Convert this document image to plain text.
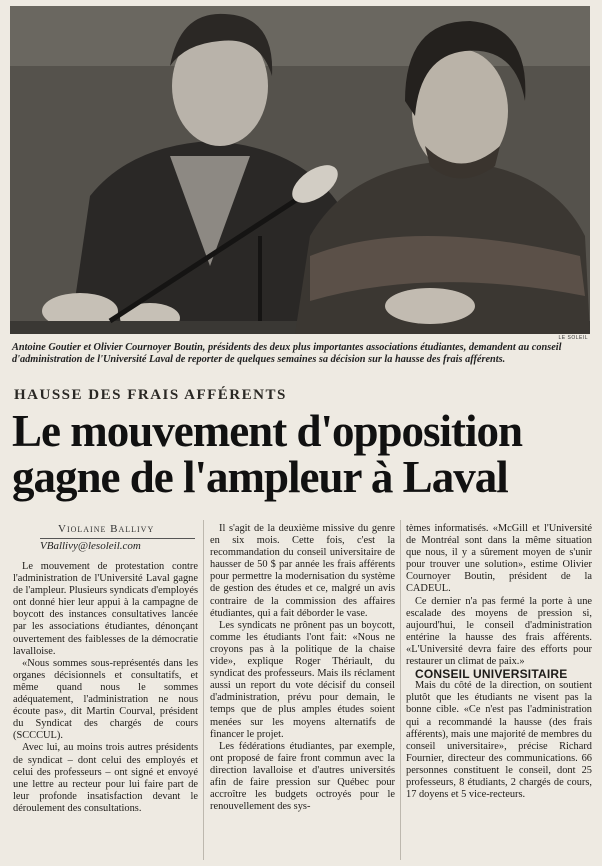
LE SOLEIL
Antoine Goutier et Olivier Cournoyer Boutin, présidents des deux plus importantes associations étudiantes, demandent au conseil d'administration de l'Université Laval de reporter de quelques semaines sa décision sur la hausse des frais afférents.
HAUSSE DES FRAIS AFFÉRENTS
Le mouvement d'opposition
gagne de l'ampleur à Laval
Violaine Ballivy
VBallivy@lesoleil.com

Le mouvement de protestation contre l'administration de l'Université Laval gagne de l'ampleur. Plusieurs syndicats d'employés ont donné hier leur appui à la campagne de boycott des instances consultatives lancée par les associations étudiantes, dénonçant ouvertement des faiblesses de la démocratie lavalloise.

«Nous sommes sous-représentés dans les organes décisionnels et consultatifs, et même quand nous le sommes adéquatement, l'administration ne nous écoute pas», dit Martin Courval, président du Syndicat des chargés de cours (SCCCUL).

Avec lui, au moins trois autres présidents de syndicat – dont celui des employés et celui des professeurs – ont signé et envoyé une lettre au recteur pour lui faire part de leur profonde insatisfaction devant le déroulement des consultations.

Il s'agit de la deuxième missive du genre en six mois. Cette fois, c'est la recommandation du conseil universitaire de hausser de 50 $ par année les frais afférents pour permettre la modernisation du système de gestion des études et ce, malgré un avis contraire de la commission des affaires étudiantes, qui a fait déborder le vase.

Les syndicats ne prônent pas un boycott, comme les étudiants l'ont fait: «Nous ne croyons pas à la politique de la chaise vide», explique Roger Thériault, du syndicat des professeurs. Mais ils réclament aussi un report du vote décisif du conseil d'administration, prévu pour demain, le temps que de plus amples études soient menées sur les moyens alternatifs de financer le projet.

Les fédérations étudiantes, par exemple, ont proposé de faire front commun avec la direction lavalloise et d'autres universités afin de faire pression sur Québec pour accroître les budgets octroyés pour le renouvellement des sys-

tèmes informatisés. «McGill et l'Université de Montréal sont dans la même situation que nous, il y a sûrement moyen de s'unir pour trouver une solution», estime Olivier Cournoyer Boutin, président de la CADEUL.

Ce dernier n'a pas fermé la porte à une escalade des moyens de pression si, aujourd'hui, le conseil d'administration entérine la hausse des frais afférents. «L'Université devra faire des efforts pour restaurer un climat de paix.»

CONSEIL UNIVERSITAIRE

Mais du côté de la direction, on soutient plutôt que les étudiants ne visent pas la bonne cible. «Ce n'est pas l'administration qui a recommandé la hausse (des frais afférents), mais une majorité de membres du conseil universitaire», précise Richard Fournier, directeur des communications. 66 personnes constituent le conseil, dont 25 professeurs, 8 étudiants, 2 chargés de cours, 17 doyens et 5 vice-recteurs.
